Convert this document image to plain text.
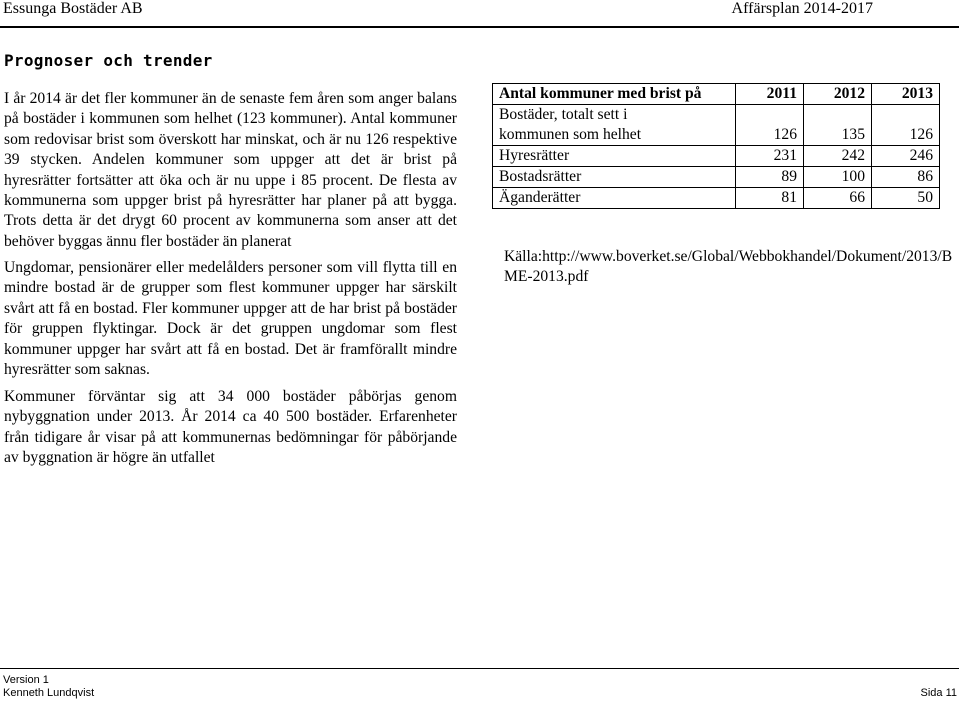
Essunga Bostäder AB	Affärsplan 2014-2017
Prognoser och trender

I år 2014 är det fler kommuner än de senaste fem åren som anger balans på bostäder i kommunen som helhet (123 kommuner). Antal kommuner som redovisar brist som överskott har minskat, och är nu 126 respektive 39 stycken. Andelen kommuner som uppger att det är brist på hyresrätter fortsätter att öka och är nu uppe i 85 procent. De flesta av kommunerna som uppger brist på hyresrätter har planer på att bygga. Trots detta är det drygt 60 procent av kommunerna som anser att det behöver byggas ännu fler bostäder än planerat

Ungdomar, pensionärer eller medelålders personer som vill flytta till en mindre bostad är de grupper som flest kommuner uppger har särskilt svårt att få en bostad. Fler kommuner uppger att de har brist på bostäder för gruppen flyktingar. Dock är det gruppen ungdomar som flest kommuner uppger har svårt att få en bostad. Det är framförallt mindre hyresrätter som saknas.

Kommuner förväntar sig att 34 000 bostäder påbörjas genom nybyggnation under 2013. År 2014 ca 40 500 bostäder. Erfarenheter från tidigare år visar på att kommunernas bedömningar för påbörjande av byggnation är högre än utfallet

Antal kommuner med brist på	2011	2012	2013
Bostäder, totalt sett i			
kommunen som helhet	126	135	126
Hyresrätter	231	242	246
Bostadsrätter	89	100	86
Äganderätter	81	66	50
Källa:http://www.boverket.se/Global/Webbokhandel/Dokument/2013/BME-2013.pdf
Version 1
Kenneth Lundqvist	Sida 11
